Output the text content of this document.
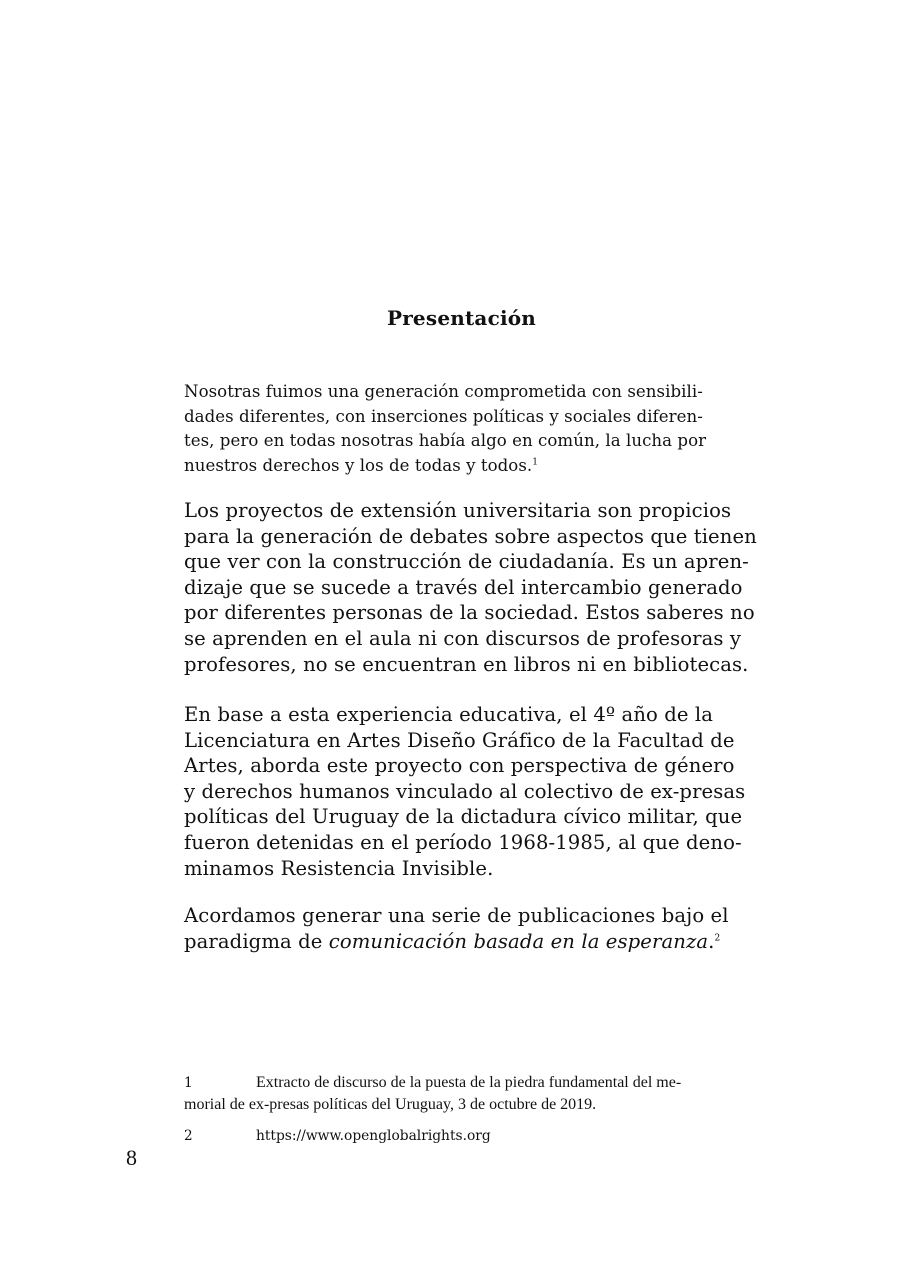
Presentación

Nosotras fuimos una generación comprometida con sensibili-
dades diferentes, con inserciones políticas y sociales diferen-
tes, pero en todas nosotras había algo en común, la lucha por
nuestros derechos y los de todas y todos.$^1$

Los proyectos de extensión universitaria son propicios
para la generación de debates sobre aspectos que tienen
que ver con la construcción de ciudadanía. Es un apren-
dizaje que se sucede a través del intercambio generado
por diferentes personas de la sociedad. Estos saberes no
se aprenden en el aula ni con discursos de profesoras y
profesores, no se encuentran en libros ni en bibliotecas.

En base a esta experiencia educativa, el 4º año de la
Licenciatura en Artes Diseño Gráfico de la Facultad de
Artes, aborda este proyecto con perspectiva de género
y derechos humanos vinculado al colectivo de ex-presas
políticas del Uruguay de la dictadura cívico militar, que
fueron detenidas en el período 1968-1985, al que deno-
minamos Resistencia Invisible.

Acordamos generar una serie de publicaciones bajo el
paradigma de comunicación basada en la esperanza.$^2$

1	Extracto de discurso de la puesta de la piedra fundamental del me-
morial de ex-presas políticas del Uruguay, 3 de octubre de 2019.
2	https://www.openglobalrights.org
8
